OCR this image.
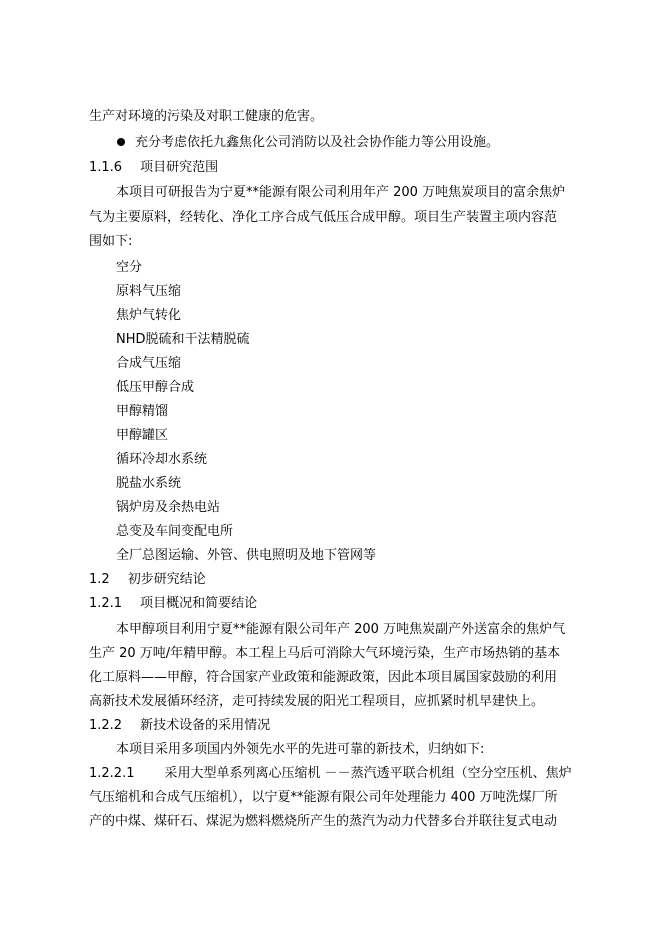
生产对环境的污染及对职工健康的危害。
充分考虑依托九鑫焦化公司消防以及社会协作能力等公用设施。
1.1.6 项目研究范围
本项目可研报告为宁夏**能源有限公司利用年产 200 万吨焦炭项目的富余焦炉
气为主要原料，经转化、净化工序合成气低压合成甲醇。项目生产装置主项内容范
围如下:
空分
原料气压缩
焦炉气转化
NHD脱硫和干法精脱硫
合成气压缩
低压甲醇合成
甲醇精馏
甲醇罐区
循环冷却水系统
脱盐水系统
锅炉房及余热电站
总变及车间变配电所
全厂总图运输、外管、供电照明及地下管网等
1.2 初步研究结论
1.2.1 项目概况和简要结论
本甲醇项目利用宁夏**能源有限公司年产 200 万吨焦炭副产外送富余的焦炉气
生产 20 万吨/年精甲醇。本工程上马后可消除大气环境污染，生产市场热销的基本
化工原料——甲醇，符合国家产业政策和能源政策，因此本项目属国家鼓励的利用
高新技术发展循环经济，走可持续发展的阳光工程项目，应抓紧时机早建快上。
1.2.2 新技术设备的采用情况
本项目采用多项国内外领先水平的先进可靠的新技术，归纳如下:
1.2.2.1 采用大型单系列离心压缩机 －－蒸汽透平联合机组（空分空压机、焦炉
气压缩机和合成气压缩机），以宁夏**能源有限公司年处理能力 400 万吨洗煤厂所
产的中煤、煤矸石、煤泥为燃料燃烧所产生的蒸汽为动力代替多台并联往复式电动
